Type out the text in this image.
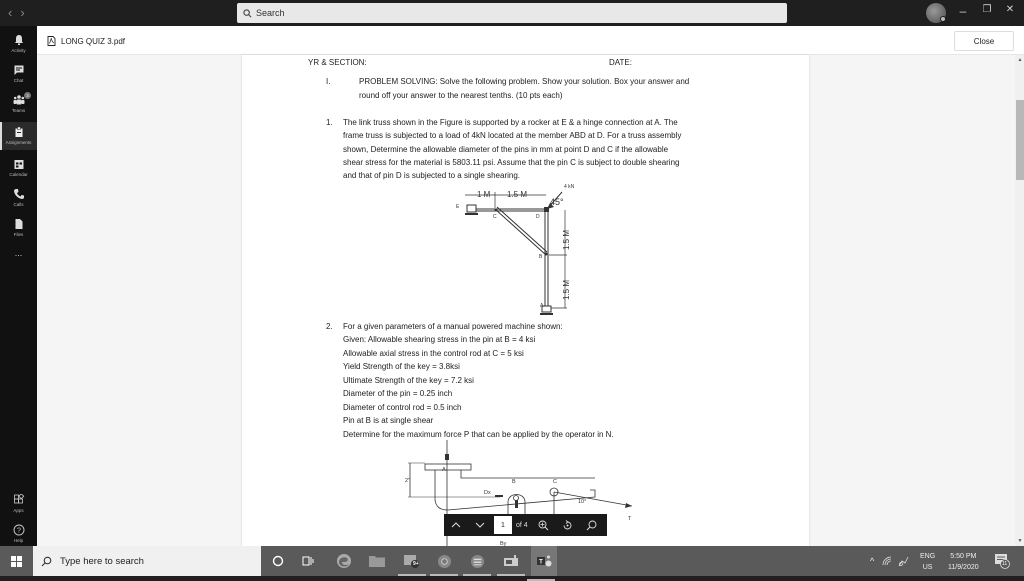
‹›	Search	–	❐	✕
Activity
Chat
3
Teams
Assignments
Calendar
Calls
Files
...
Apps
?
Help
LONG QUIZ 3.pdf	Close
YR & SECTION:	DATE:
I.	PROBLEM SOLVING: Solve the following problem. Show your solution. Box your answer and
round off your answer to the nearest tenths. (10 pts each)
1. The link truss shown in the Figure is supported by a rocker at E & a hinge connection at A. The
frame truss is subjected to a load of 4kN located at the member ABD at D. For a truss assembly
shown, Determine the allowable diameter of the pins in mm at point D and C if the allowable
shear stress for the material is 5803.11 psi. Assume that the pin C is subject to double shearing
and that of pin D is subjected to a single shearing.
E
C	D
B
A
4 kN
45°
1 M 1.5 M
1.5 M
1.5 M
2. For a given parameters of a manual powered machine shown:
Given: Allowable shearing stress in the pin at B = 4 ksi
Allowable axial stress in the control rod at C = 5 ksi
Yield Strength of the key = 3.8ksi
Ultimate Strength of the key = 7.2 ksi
Diameter of the pin = 0.25 inch
Diameter of control rod = 0.5 inch
Pin at B is at single shear
Determine for the maximum force P that can be applied by the operator in N.
A
B	C
Dx
10°
T
2"
By
▲
▼
1	of 4
Type here to search	9+	T	^	ENG
US
5:50 PM
11/9/2020	11
